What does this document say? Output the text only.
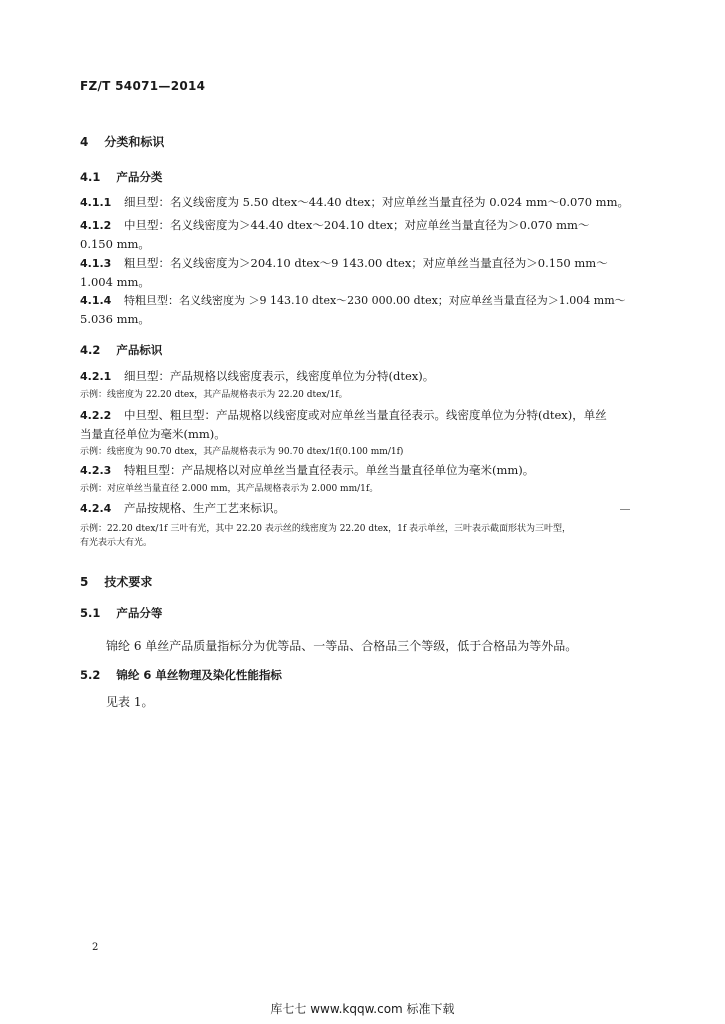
FZ/T 54071—2014
4 分类和标识
4.1 产品分类
4.1.1 细旦型：名义线密度为 5.50 dtex～44.40 dtex；对应单丝当量直径为 0.024 mm～0.070 mm。
4.1.2 中旦型：名义线密度为＞44.40 dtex～204.10 dtex；对应单丝当量直径为＞0.070 mm～
0.150 mm。
4.1.3 粗旦型：名义线密度为＞204.10 dtex～9 143.00 dtex；对应单丝当量直径为＞0.150 mm～
1.004 mm。
4.1.4 特粗旦型：名义线密度为 ＞9 143.10 dtex～230 000.00 dtex；对应单丝当量直径为＞1.004 mm～
5.036 mm。
4.2 产品标识
4.2.1 细旦型：产品规格以线密度表示，线密度单位为分特(dtex)。
示例：线密度为 22.20 dtex，其产品规格表示为 22.20 dtex/1f。
4.2.2 中旦型、粗旦型：产品规格以线密度或对应单丝当量直径表示。线密度单位为分特(dtex)，单丝
当量直径单位为毫米(mm)。
示例：线密度为 90.70 dtex，其产品规格表示为 90.70 dtex/1f(0.100 mm/1f)
4.2.3 特粗旦型：产品规格以对应单丝当量直径表示。单丝当量直径单位为毫米(mm)。
示例：对应单丝当量直径 2.000 mm，其产品规格表示为 2.000 mm/1f。
4.2.4 产品按规格、生产工艺来标识。
示例：22.20 dtex/1f 三叶有光，其中 22.20 表示丝的线密度为 22.20 dtex，1f 表示单丝，三叶表示截面形状为三叶型，
有光表示大有光。
5 技术要求
5.1 产品分等
锦纶 6 单丝产品质量指标分为优等品、一等品、合格品三个等级，低于合格品为等外品。
5.2 锦纶 6 单丝物理及染化性能指标
见表 1。
2
库七七 www.kqqw.com 标准下载
